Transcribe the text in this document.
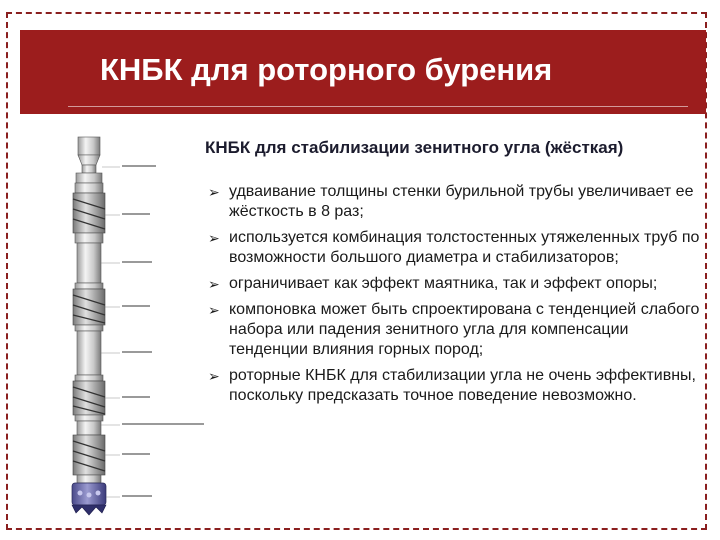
КНБК для роторного бурения
КНБК для стабилизации зенитного угла (жёсткая)
➢ удваивание толщины стенки бурильной трубы увеличивает ее жёсткость в 8 раз;
➢ используется комбинация толстостенных утяжеленных труб по возможности большого диаметра и стабилизаторов;
➢ ограничивает как эффект маятника, так и эффект опоры;
➢ компоновка может быть спроектирована с тенденцией слабого набора или падения зенитного угла для компенсации тенденции влияния горных пород;
➢ роторные КНБК для стабилизации угла не очень эффективны, поскольку предсказать точное поведение невозможно.
